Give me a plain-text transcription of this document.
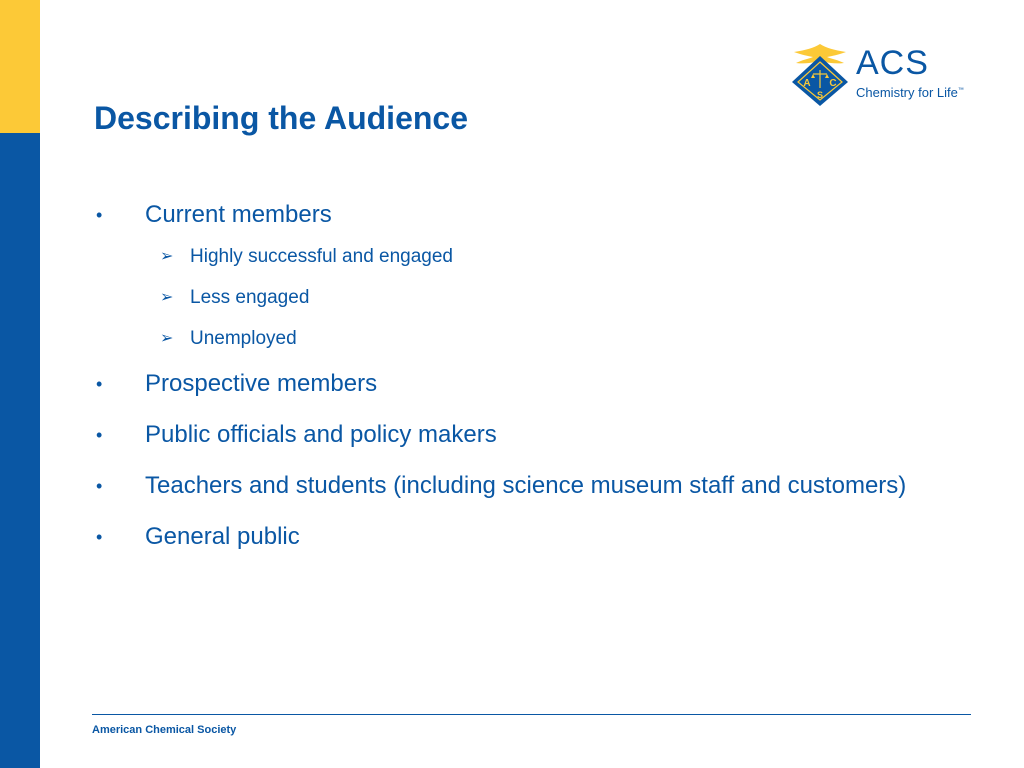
A C
S
ACS
Chemistry for Life™
Describing the Audience
• Current members
➢ Highly successful and engaged
➢ Less engaged
➢ Unemployed
• Prospective members
• Public officials and policy makers
• Teachers and students (including science museum staff and customers)
• General public
American Chemical Society
